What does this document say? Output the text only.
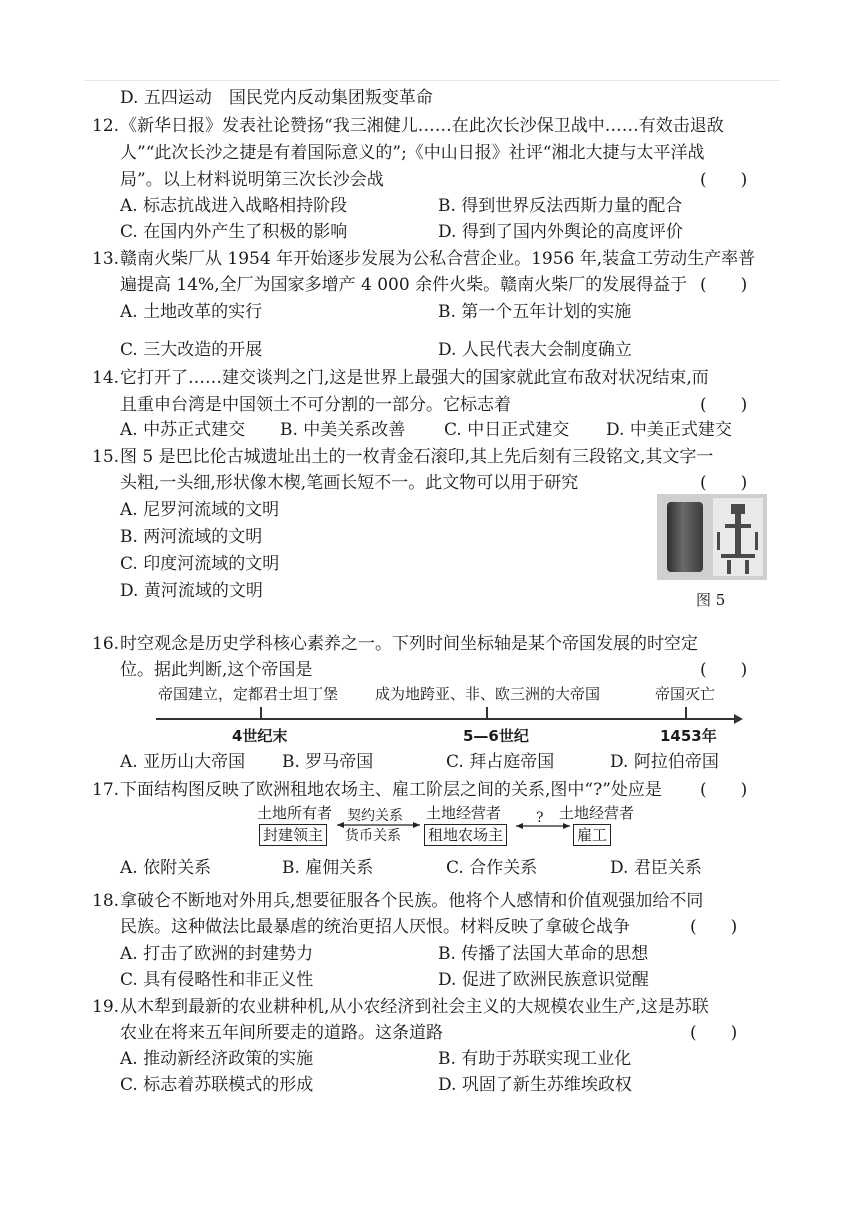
D. 五四运动　国民党内反动集团叛变革命
12. 《新华日报》发表社论赞扬“我三湘健儿……在此次长沙保卫战中……有效击退敌
人”“此次长沙之捷是有着国际意义的”;《中山日报》社评“湘北大捷与太平洋战
局”。以上材料说明第三次长沙会战	(　　)
A. 标志抗战进入战略相持阶段	B. 得到世界反法西斯力量的配合
C. 在国内外产生了积极的影响	D. 得到了国内外舆论的高度评价
13. 赣南火柴厂从 1954 年开始逐步发展为公私合营企业。1956 年,装盒工劳动生产率普
遍提高 14%,全厂为国家多增产 4 000 余件火柴。赣南火柴厂的发展得益于 (　　)
A. 土地改革的实行	B. 第一个五年计划的实施
C. 三大改造的开展	D. 人民代表大会制度确立
14. 它打开了……建交谈判之门,这是世界上最强大的国家就此宣布敌对状况结束,而
且重申台湾是中国领土不可分割的一部分。它标志着	(　　)
A. 中苏正式建交 B. 中美关系改善 C. 中日正式建交 D. 中美正式建交
15. 图 5 是巴比伦古城遗址出土的一枚青金石滚印,其上先后刻有三段铭文,其文字一
头粗,一头细,形状像木楔,笔画长短不一。此文物可以用于研究	(　　)
A. 尼罗河流域的文明
B. 两河流域的文明
C. 印度河流域的文明
D. 黄河流域的文明	图 5
16. 时空观念是历史学科核心素养之一。下列时间坐标轴是某个帝国发展的时空定
位。据此判断,这个帝国是	(　　)
帝国建立，定都君士坦丁堡 成为地跨亚、非、欧三洲的大帝国	帝国灭亡
4世纪末	5—6世纪	1453年
A. 亚历山大帝国 B. 罗马帝国	C. 拜占庭帝国	D. 阿拉伯帝国
17. 下面结构图反映了欧洲租地农场主、雇工阶层之间的关系,图中“?”处应是 (　　)
土地所有者	土地经营者	土地经营者
契约关系
货币关系
封建领主	租地农场主	雇工
?
A. 依附关系	B. 雇佣关系	C. 合作关系	D. 君臣关系
18. 拿破仑不断地对外用兵,想要征服各个民族。他将个人感情和价值观强加给不同
民族。这种做法比最暴虐的统治更招人厌恨。材料反映了拿破仑战争	(　　)
A. 打击了欧洲的封建势力	B. 传播了法国大革命的思想
C. 具有侵略性和非正义性	D. 促进了欧洲民族意识觉醒
19. 从木犁到最新的农业耕种机,从小农经济到社会主义的大规模农业生产,这是苏联
农业在将来五年间所要走的道路。这条道路	(　　)
A. 推动新经济政策的实施	B. 有助于苏联实现工业化
C. 标志着苏联模式的形成	D. 巩固了新生苏维埃政权
